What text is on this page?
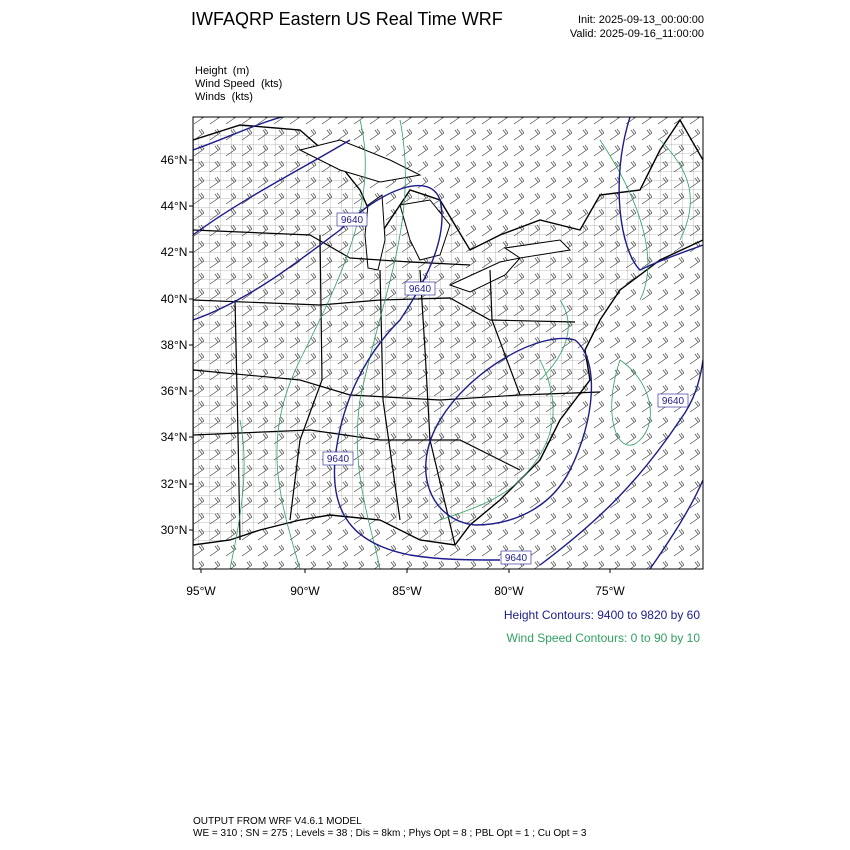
IWFAQRP Eastern US Real Time WRF	Init: 2025-09-13_00:00:00
Valid: 2025-09-16_11:00:00
Height (m)
Wind Speed (kts)
Winds (kts)
9640
9640
9640
9640
9640
46°N
44°N
42°N
40°N
38°N
36°N
34°N
32°N
30°N
95°W	90°W	85°W	80°W	75°W
Height Contours: 9400 to 9820 by 60
Wind Speed Contours: 0 to 90 by 10
OUTPUT FROM WRF V4.6.1 MODEL
WE = 310 ; SN = 275 ; Levels = 38 ; Dis = 8km ; Phys Opt = 8 ; PBL Opt = 1 ; Cu Opt = 3
